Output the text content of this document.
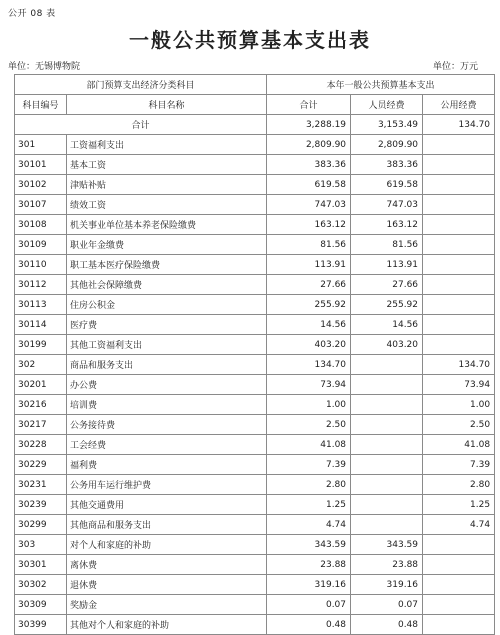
公开 08 表
一般公共预算基本支出表
单位：无锡博物院	单位：万元
部门预算支出经济分类科目		本年一般公共预算基本支出		
科目编号	科目名称	合计	人员经费	公用经费
合计		3,288.19	3,153.49	134.70
301	工资福利支出	2,809.90	2,809.90	
30101	基本工资	383.36	383.36	
30102	津贴补贴	619.58	619.58	
30107	绩效工资	747.03	747.03	
30108	机关事业单位基本养老保险缴费	163.12	163.12	
30109	职业年金缴费	81.56	81.56	
30110	职工基本医疗保险缴费	113.91	113.91	
30112	其他社会保障缴费	27.66	27.66	
30113	住房公积金	255.92	255.92	
30114	医疗费	14.56	14.56	
30199	其他工资福利支出	403.20	403.20	
302	商品和服务支出	134.70		134.70
30201	办公费	73.94		73.94
30216	培训费	1.00		1.00
30217	公务接待费	2.50		2.50
30228	工会经费	41.08		41.08
30229	福利费	7.39		7.39
30231	公务用车运行维护费	2.80		2.80
30239	其他交通费用	1.25		1.25
30299	其他商品和服务支出	4.74		4.74
303	对个人和家庭的补助	343.59	343.59	
30301	离休费	23.88	23.88	
30302	退休费	319.16	319.16	
30309	奖励金	0.07	0.07	
30399	其他对个人和家庭的补助	0.48	0.48	
